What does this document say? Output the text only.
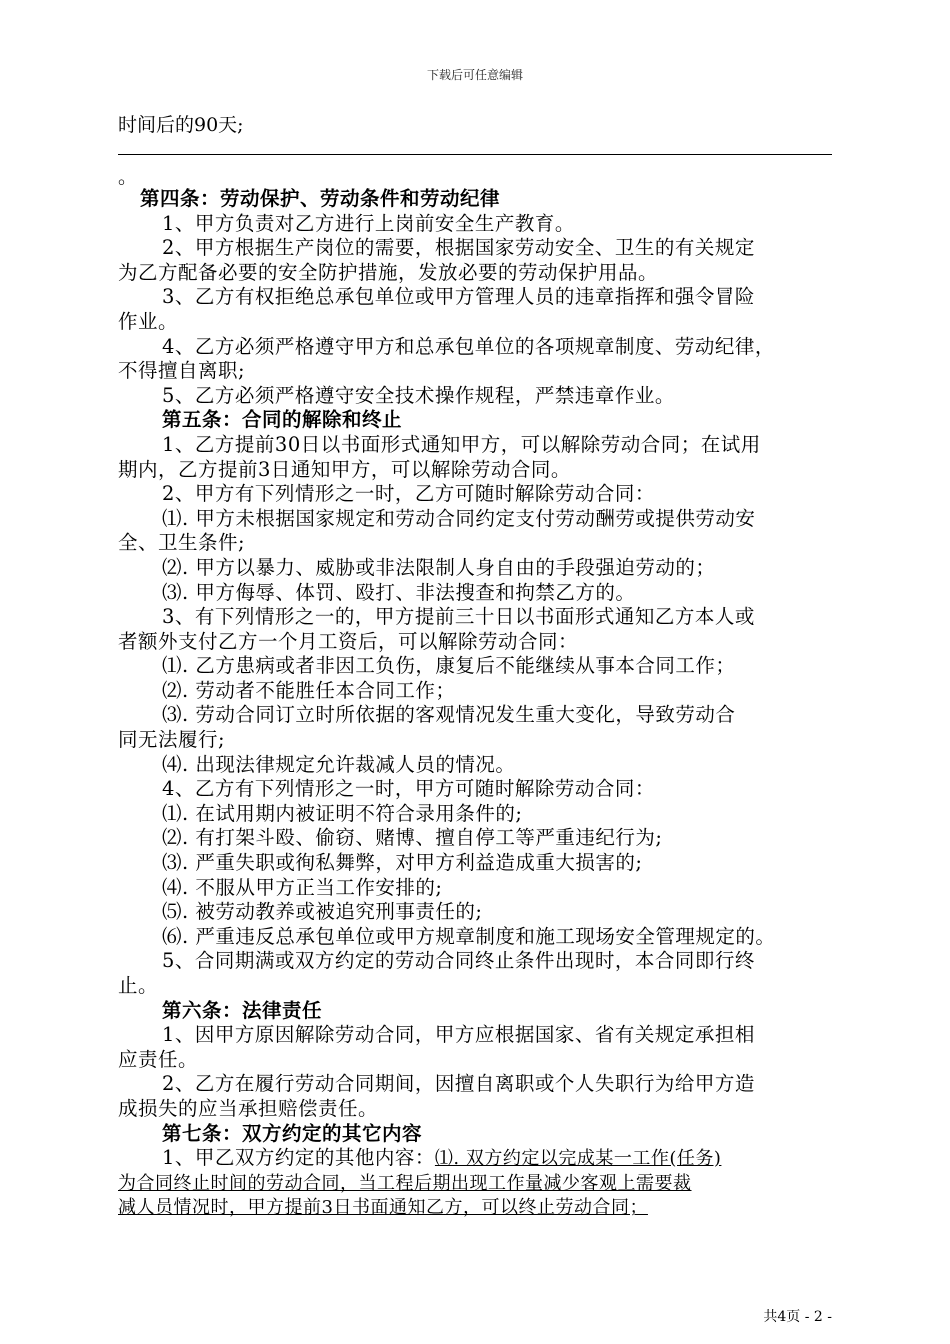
下载后可任意编辑
时间后的90天;
。
第四条：劳动保护、劳动条件和劳动纪律
1、甲方负责对乙方进行上岗前安全生产教育。
2、甲方根据生产岗位的需要，根据国家劳动安全、卫生的有关规定
为乙方配备必要的安全防护措施，发放必要的劳动保护用品。
3、乙方有权拒绝总承包单位或甲方管理人员的违章指挥和强令冒险
作业。
4、乙方必须严格遵守甲方和总承包单位的各项规章制度、劳动纪律，
不得擅自离职;
5、乙方必须严格遵守安全技术操作规程，严禁违章作业。
第五条：合同的解除和终止
1、乙方提前30日以书面形式通知甲方，可以解除劳动合同；在试用
期内，乙方提前3日通知甲方，可以解除劳动合同。
2、甲方有下列情形之一时，乙方可随时解除劳动合同：
⑴. 甲方未根据国家规定和劳动合同约定支付劳动酬劳或提供劳动安
全、卫生条件;
⑵. 甲方以暴力、威胁或非法限制人身自由的手段强迫劳动的；
⑶. 甲方侮辱、体罚、殴打、非法搜查和拘禁乙方的。
3、有下列情形之一的，甲方提前三十日以书面形式通知乙方本人或
者额外支付乙方一个月工资后，可以解除劳动合同：
⑴. 乙方患病或者非因工负伤，康复后不能继续从事本合同工作；
⑵. 劳动者不能胜任本合同工作；
⑶. 劳动合同订立时所依据的客观情况发生重大变化，导致劳动合
同无法履行;
⑷. 出现法律规定允许裁减人员的情况。
4、乙方有下列情形之一时，甲方可随时解除劳动合同：
⑴. 在试用期内被证明不符合录用条件的;
⑵. 有打架斗殴、偷窃、赌博、擅自停工等严重违纪行为;
⑶. 严重失职或徇私舞弊，对甲方利益造成重大损害的;
⑷. 不服从甲方正当工作安排的;
⑸. 被劳动教养或被追究刑事责任的;
⑹. 严重违反总承包单位或甲方规章制度和施工现场安全管理规定的。
5、合同期满或双方约定的劳动合同终止条件出现时，本合同即行终
止。
第六条：法律责任
1、因甲方原因解除劳动合同，甲方应根据国家、省有关规定承担相
应责任。
2、乙方在履行劳动合同期间，因擅自离职或个人失职行为给甲方造
成损失的应当承担赔偿责任。
第七条：双方约定的其它内容
1、甲乙双方约定的其他内容：⑴. 双方约定以完成某一工作(任务)
为合同终止时间的劳动合同，当工程后期出现工作量减少客观上需要裁
减人员情况时，甲方提前3日书面通知乙方，可以终止劳动合同；
共4页 - 2 -
